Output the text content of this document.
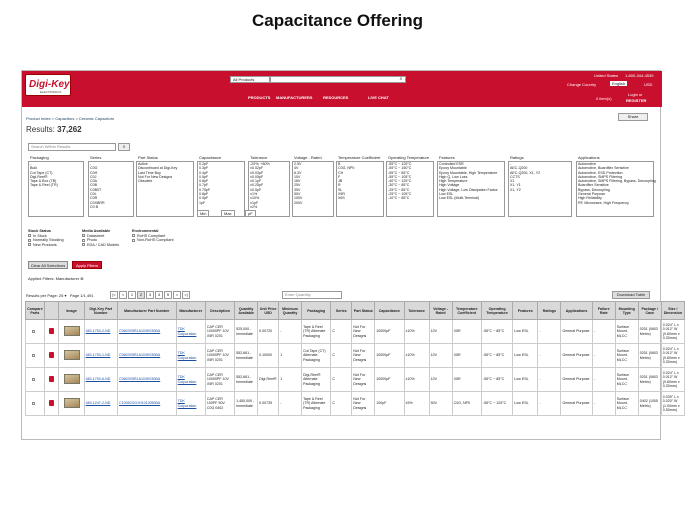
Capacitance Offering
Digi-Key
ELECTRONICS
All Products	⌕
United States 1-800-344-4539
Change Country	English	USD
0 item(s)
Login or
REGISTER
PRODUCTS MANUFACTURERS	RESOURCES	LIVE CHAT
Product Index > Capacitors > Ceramic Capacitors
Results: 37,262
Share
Search Within Results	⌕
Packaging
-
Bulk
Cut Tape (CT)
Digi-Reel®
Tape & Box (TB)
Tape & Reel (TR)
Series
-
C0G
C0H
C0J
C0A
C0B
C0B0T
C0L
C0R
C0XBRR
C0 B
Part Status
Active
Discontinued at Digi-Key
Last Time Buy
Not For New Designs
Obsolete
Capacitance
0.2pF
0.3pF
0.4pF
0.5pF
0.6pF
0.7pF
0.75pF
0.8pF
0.9pF
1pF
Tolerance
-20%, +80%
±0.02pF
±0.03pF
±0.05pF
±0.1pF
±0.25pF
±0.5pF
±1%
±10%
±1pF
±2%
Voltage - Rated
2.5V
4V
6.3V
10V
16V
25V
35V
50V
100V
200V
Temperature Coefficient
B
C0G, NP0
CH
F
JB
R
SL
X5R
X6S
Operating Temperature
-55°C ~ 125°C
-55°C ~ 150°C
-55°C ~ 85°C
-55°C ~ 105°C
-40°C ~ 125°C
-30°C ~ 85°C
-25°C ~ 85°C
-25°C ~ 105°C
-10°C ~ 85°C
Features
Controlled ESR
Epoxy Mountable
Epoxy Mountable, High Temperature
High Q, Low Loss
High Temperature
High Voltage
High Voltage, Low Dissipation Factor
Low ESL
Low ESL (Multi-Terminal)
Ratings
-
AEC-Q200
AEC-Q200, X1, Y2
CCTS
X1
X1, Y1
X1, Y2
Applications
Automotive
Automotive, Boardflex Sensitive
Automotive, ESD Protection
Automotive, SMPS Filtering
Automotive, SMPS Filtering, Bypass, Decoupling
Boardflex Sensitive
Bypass, Decoupling
General Purpose
High Reliability
RF, Microwave, High Frequency
Min	Max	pF
Stock Status
In Stock
Normally Stocking
New Products
Media Available
Datasheet
Photo
EDA / CAD Models
Environmental
RoHS Compliant
Non-RoHS Compliant
Clear All Selections	Apply Filters
Applied Filters: Manufacturer ⊗
Results per Page: 25 ▾ Page 1/1,491	|<	<	1	2	3	4	5	>	>|	Enter Quantity	Download Table
Compare Parts		Image	Digi-Key Part Number	Manufacturer Part Number	Manufacturer	Description	Quantity Available	Unit Price USD	Minimum Quantity	Packaging	Series	Part Status	Capacitance	Tolerance	Voltage - Rated	Temperature Coefficient	Operating Temperature	Features	Ratings	Applications	Failure Rate	Mounting Type	Package / Case	Size / Dimension
			445-1753-2-ND	C0603X5R1A103K030BA	TDK Corporation	CAP CER 10000PF 10V X5R 0201	525,000 - Immediate	0.00720	-	Tape & Reel (TR) Alternate Packaging	C	Not For New Designs	10000pF	±10%	10V	X5R	-55°C ~ 85°C	Low ESL	-	General Purpose	-	Surface Mount, MLCC	0201 (0603 Metric)	0.024" L x 0.012" W (0.60mm x 0.30mm)
			445-1753-1-ND	C0603X5R1A103K030BA	TDK Corporation	CAP CER 10000PF 10V X5R 0201	552,661 - Immediate	0.10000	1	Cut Tape (CT) Alternate Packaging	C	Not For New Designs	10000pF	±10%	10V	X5R	-55°C ~ 85°C	Low ESL	-	General Purpose	-	Surface Mount, MLCC	0201 (0603 Metric)	0.024" L x 0.012" W (0.60mm x 0.30mm)
			445-1753-6-ND	C0603X5R1A103K030BA	TDK Corporation	CAP CER 10000PF 10V X5R 0201	552,661 - Immediate	Digi-Reel®	1	Digi-Reel® Alternate Packaging	C	Not For New Designs	10000pF	±10%	10V	X5R	-55°C ~ 85°C	Low ESL	-	General Purpose	-	Surface Mount, MLCC	0201 (0603 Metric)	0.024" L x 0.012" W (0.60mm x 0.30mm)
			445-1247-2-ND	C1005C0G1H101J050BA	TDK Corporation	CAP CER 100PF 50V C0G 0402	1,450,000 - Immediate	0.00739	-	Tape & Reel (TR) Alternate Packaging	C	Not For New Designs	100pF	±5%	50V	C0G, NP0	-55°C ~ 125°C	Low ESL	-	General Purpose	-	Surface Mount, MLCC	0402 (1005 Metric)	0.039" L x 0.020" W (1.00mm x 0.50mm)
